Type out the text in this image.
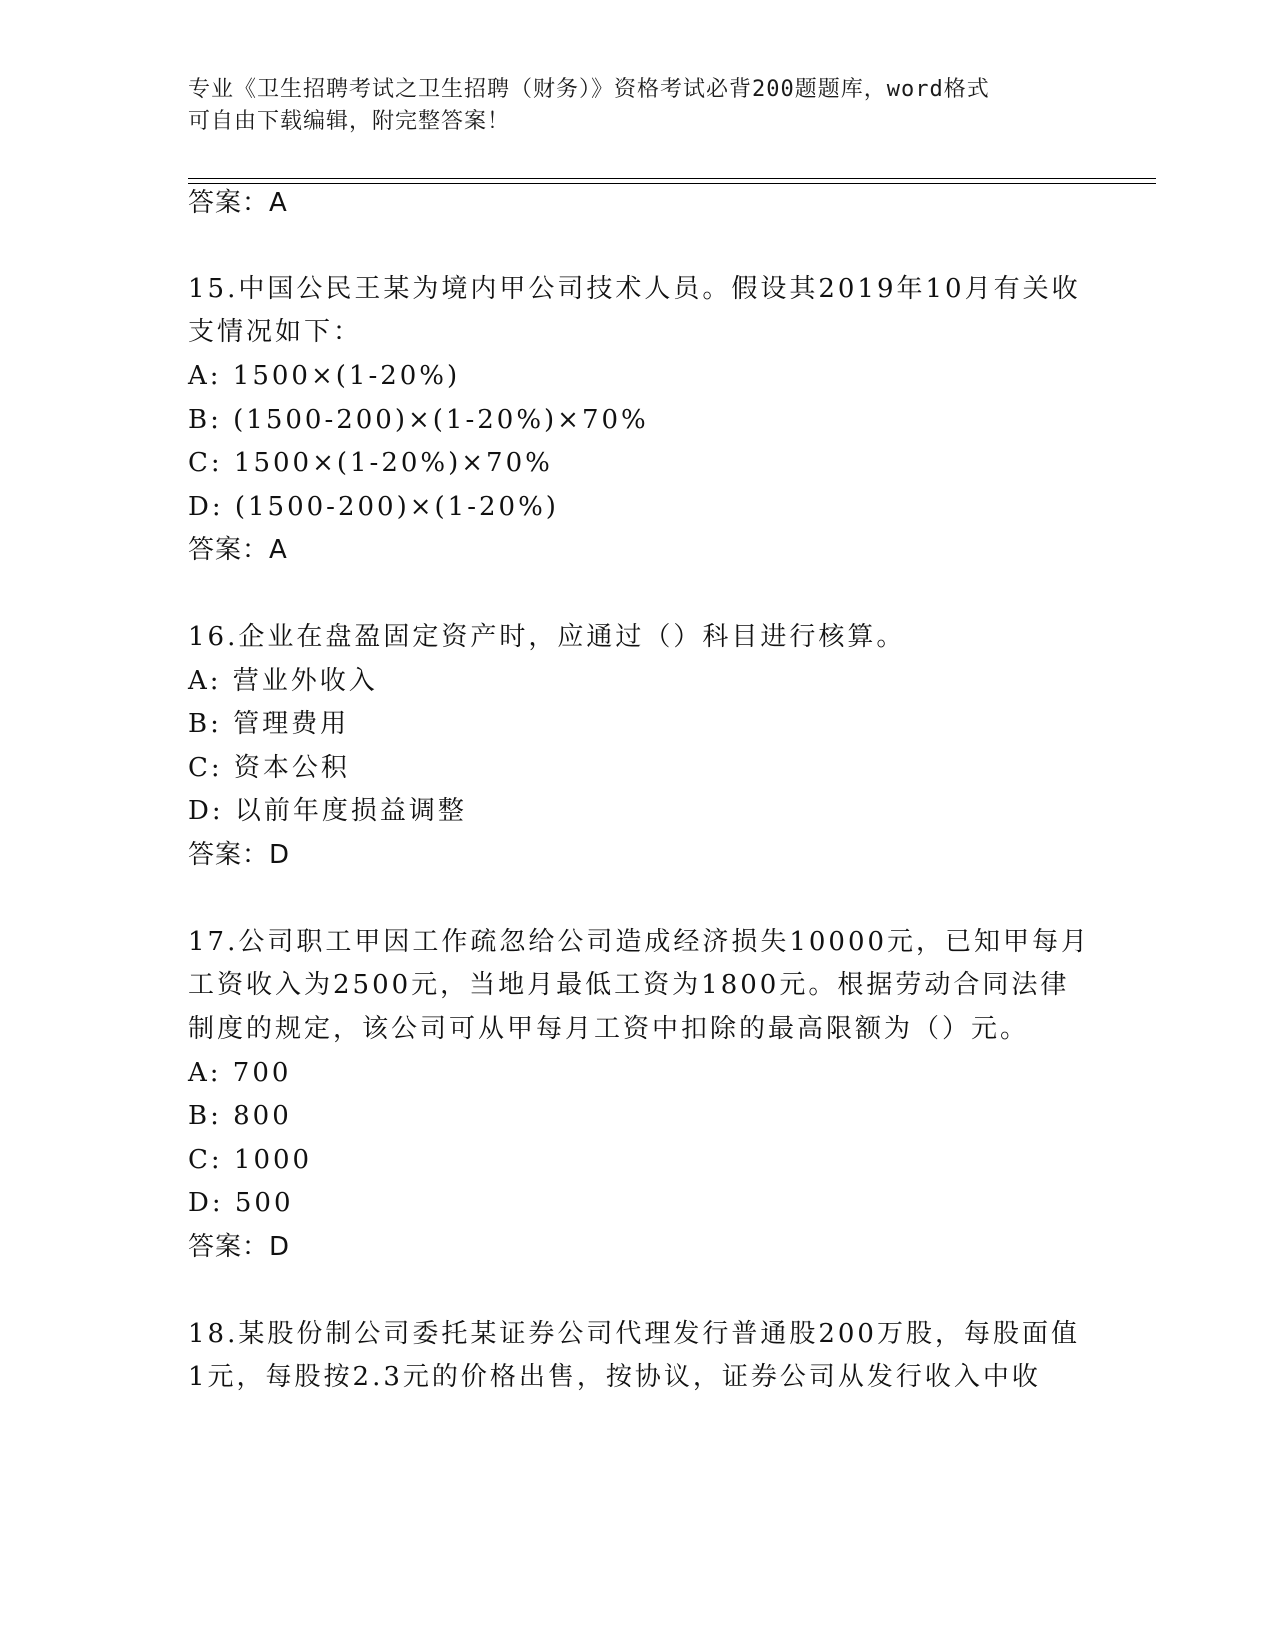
专业《卫生招聘考试之卫生招聘（财务）》资格考试必背200题题库，word格式
可自由下载编辑，附完整答案！
答案：A
15.中国公民王某为境内甲公司技术人员。假设其2019年10月有关收
支情况如下：
A: 1500×(1-20%)
B: (1500-200)×(1-20%)×70%
C: 1500×(1-20%)×70%
D: (1500-200)×(1-20%)
答案：A
16.企业在盘盈固定资产时，应通过（）科目进行核算。
A: 营业外收入
B: 管理费用
C: 资本公积
D: 以前年度损益调整
答案：D
17.公司职工甲因工作疏忽给公司造成经济损失10000元，已知甲每月
工资收入为2500元，当地月最低工资为1800元。根据劳动合同法律
制度的规定，该公司可从甲每月工资中扣除的最高限额为（）元。
A: 700
B: 800
C: 1000
D: 500
答案：D
18.某股份制公司委托某证券公司代理发行普通股200万股，每股面值
1元，每股按2.3元的价格出售，按协议，证券公司从发行收入中收
